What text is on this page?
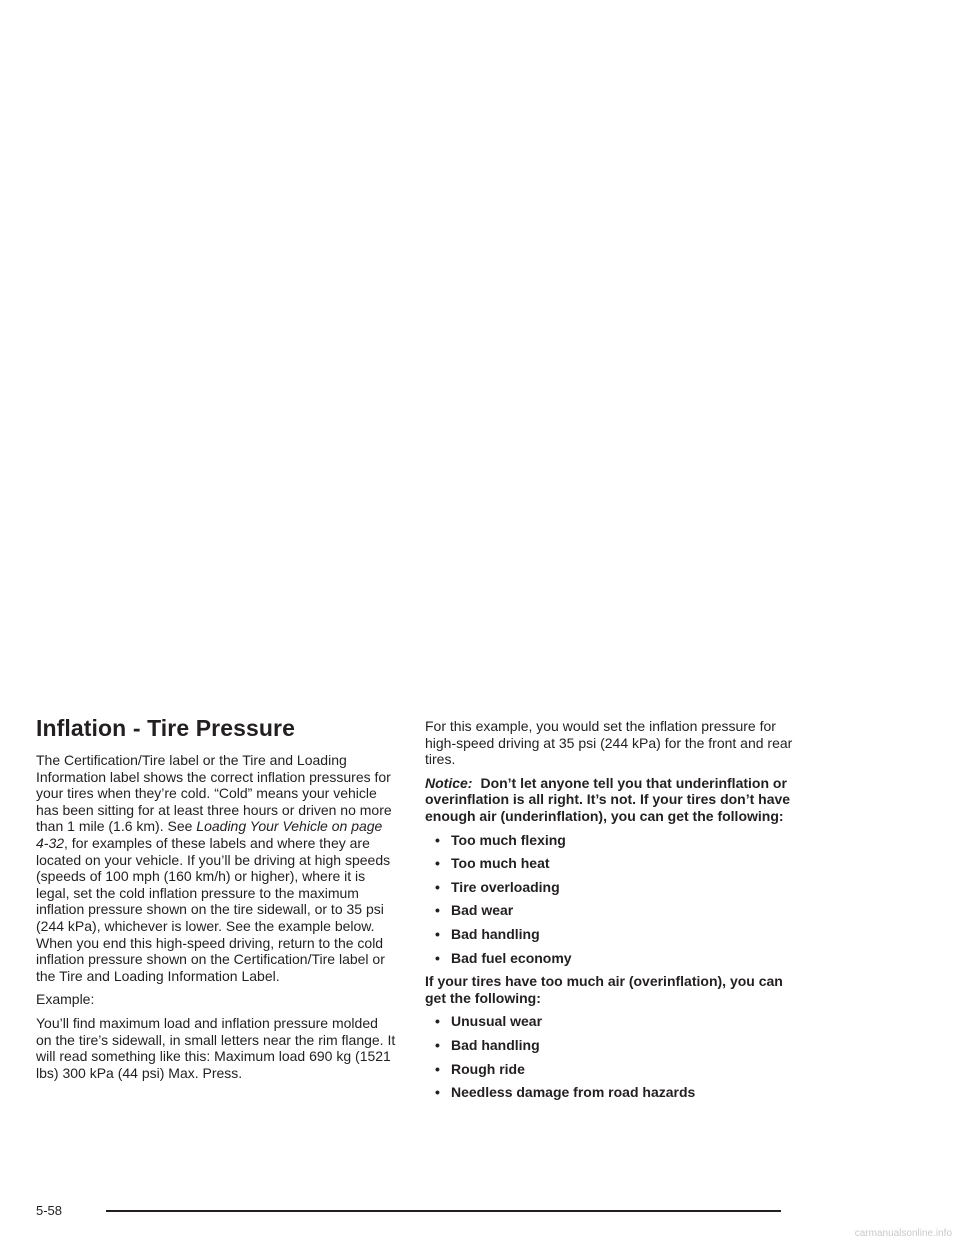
Inflation - Tire Pressure

The Certification/Tire label or the Tire and Loading Information label shows the correct inflation pressures for your tires when they’re cold. “Cold” means your vehicle has been sitting for at least three hours or driven no more than 1 mile (1.6 km). See Loading Your Vehicle on page 4-32, for examples of these labels and where they are located on your vehicle. If you’ll be driving at high speeds (speeds of 100 mph (160 km/h) or higher), where it is legal, set the cold inflation pressure to the maximum inflation pressure shown on the tire sidewall, or to 35 psi (244 kPa), whichever is lower. See the example below. When you end this high-speed driving, return to the cold inflation pressure shown on the Certification/Tire label or the Tire and Loading Information Label.

Example:

You’ll find maximum load and inflation pressure molded on the tire’s sidewall, in small letters near the rim flange. It will read something like this: Maximum load 690 kg (1521 lbs) 300 kPa (44 psi) Max. Press.

For this example, you would set the inflation pressure for high-speed driving at 35 psi (244 kPa) for the front and rear tires.

Notice: Don’t let anyone tell you that underinflation or overinflation is all right. It’s not. If your tires don’t have enough air (underinflation), you can get the following:

• Too much flexing
• Too much heat
• Tire overloading
• Bad wear
• Bad handling
• Bad fuel economy

If your tires have too much air (overinflation), you can get the following:

• Unusual wear
• Bad handling
• Rough ride
• Needless damage from road hazards
5-58
carmanualsonline.info
